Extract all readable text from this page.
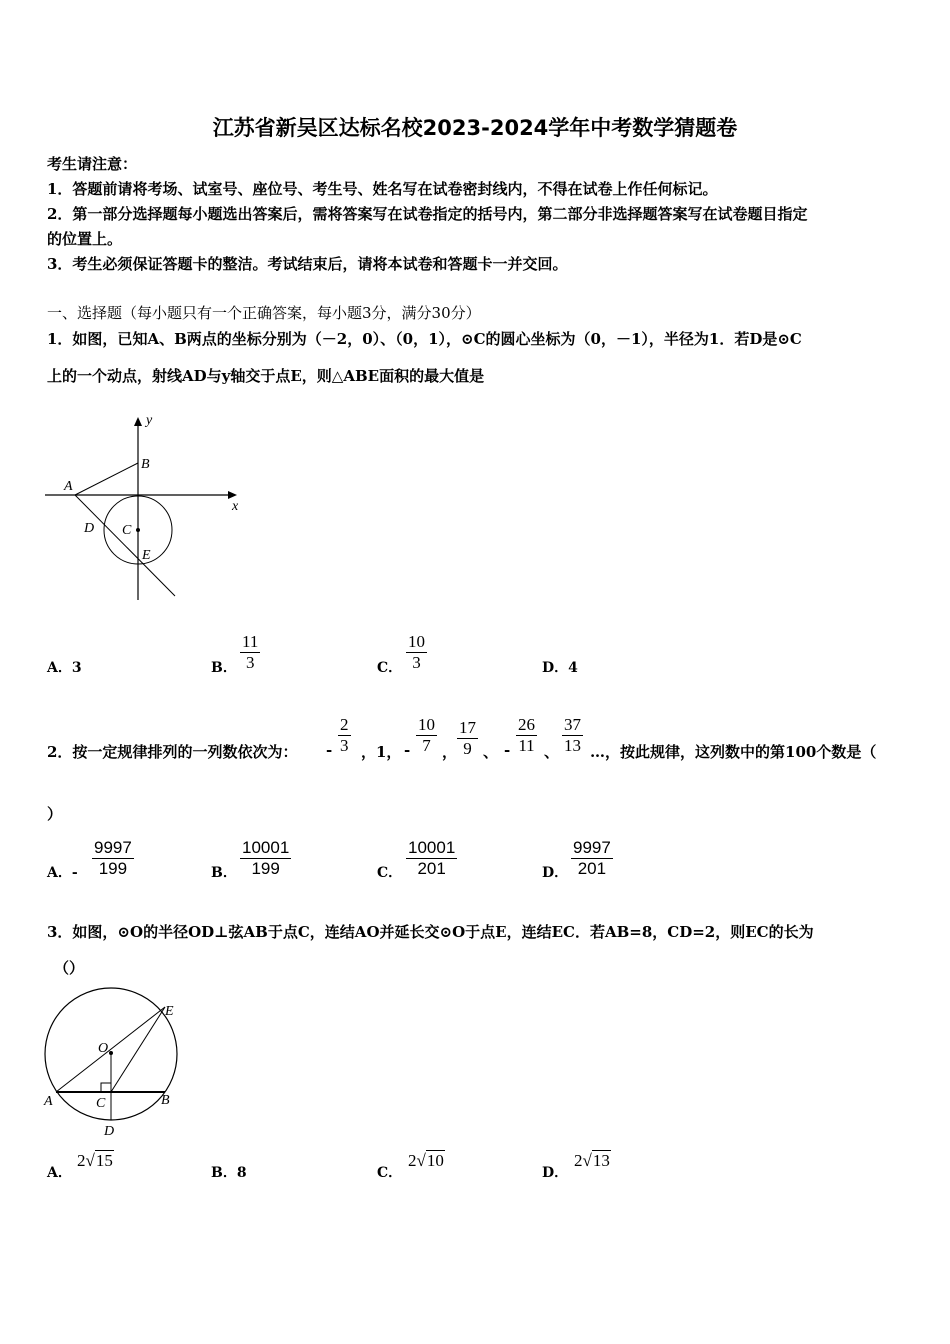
江苏省新吴区达标名校2023-2024学年中考数学猜题卷
考生请注意：
1．答题前请将考场、试室号、座位号、考生号、姓名写在试卷密封线内，不得在试卷上作任何标记。
2．第一部分选择题每小题选出答案后，需将答案写在试卷指定的括号内，第二部分非选择题答案写在试卷题目指定
的位置上。
3．考生必须保证答题卡的整洁。考试结束后，请将本试卷和答题卡一并交回。
一、选择题（每小题只有一个正确答案，每小题3分，满分30分）
1．如图，已知A、B两点的坐标分别为（－2，0）、（0，1），⊙C的圆心坐标为（0，－1），半径为1．若D是⊙C
上的一个动点，射线AD与y轴交于点E，则△ABE面积的最大值是
y
x
A
B
C
D
E
A．3	B． $\frac{11}{3}$	C． $\frac{10}{3}$	D．4
2．按一定规律排列的一列数依次为： - $\frac{2}{3}$ ，1， - $\frac{10}{7}$ ， $\frac{17}{9}$ 、 - $\frac{26}{11}$ 、 $\frac{37}{13}$ …，按此规律，这列数中的第100个数是（
）
A．- $\frac{9997}{199}$	B． $\frac{10001}{199}$	C． $\frac{10001}{201}$	D． $\frac{9997}{201}$
3．如图，⊙O的半径OD⊥弦AB于点C，连结AO并延长交⊙O于点E，连结EC．若AB=8，CD=2，则EC的长为
（）
O
E
A	B
C
D
A．
2√15
B．8	C．
2√10
D．
2√13
